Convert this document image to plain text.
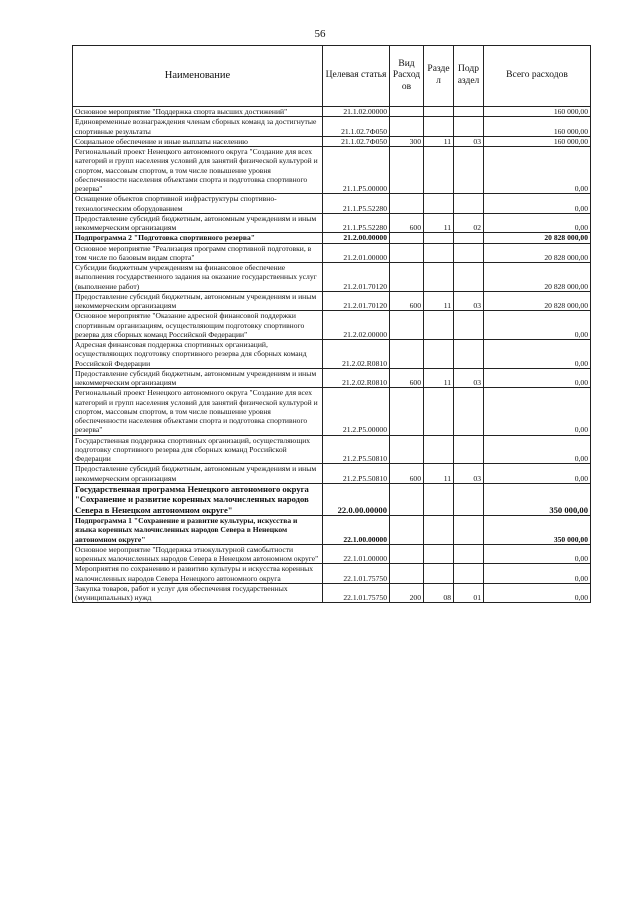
56
Наименование	Целевая статья	Вид Расход ов	Разде л	Подр аздел	Всего расходов
Основное мероприятие "Поддержка спорта высших достижений"	21.1.02.00000				160 000,00
Единовременные вознаграждения членам сборных команд за достигнутые спортивные результаты	21.1.02.7Ф050				160 000,00
Социальное обеспечение и иные выплаты населению	21.1.02.7Ф050	300	11	03	160 000,00
Региональный проект Ненецкого автономного округа "Создание для всех категорий и групп населения условий для занятий физической культурой и спортом, массовым спортом, в том числе повышение уровня обеспеченности населения объектами спорта и подготовка спортивного резерва"	21.1.P5.00000				0,00
Оснащение объектов спортивной инфраструктуры спортивно-технологическим оборудованием	21.1.P5.52280				0,00
Предоставление субсидий бюджетным, автономным учреждениям и иным некоммерческим организациям	21.1.P5.52280	600	11	02	0,00
Подпрограмма 2 "Подготовка спортивного резерва"	21.2.00.00000				20 828 000,00
Основное мероприятие "Реализация программ спортивной подготовки, в том числе по базовым видам спорта"	21.2.01.00000				20 828 000,00
Субсидии бюджетным учреждениям на финансовое обеспечение выполнения государственного задания на оказание государственных услуг (выполнение работ)	21.2.01.70120				20 828 000,00
Предоставление субсидий бюджетным, автономным учреждениям и иным некоммерческим организациям	21.2.01.70120	600	11	03	20 828 000,00
Основное мероприятие "Оказание адресной финансовой поддержки спортивным организациям, осуществляющим подготовку спортивного резерва для сборных команд Российской Федерации"	21.2.02.00000				0,00
Адресная финансовая поддержка спортивных организаций, осуществляющих подготовку спортивного резерва для сборных команд Российской Федерации	21.2.02.R0810				0,00
Предоставление субсидий бюджетным, автономным учреждениям и иным некоммерческим организациям	21.2.02.R0810	600	11	03	0,00
Региональный проект Ненецкого автономного округа "Создание для всех категорий и групп населения условий для занятий физической культурой и спортом, массовым спортом, в том числе повышение уровня обеспеченности населения объектами спорта и подготовка спортивного резерва"	21.2.P5.00000				0,00
Государственная поддержка спортивных организаций, осуществляющих подготовку спортивного резерва для сборных команд Российской Федерации	21.2.P5.50810				0,00
Предоставление субсидий бюджетным, автономным учреждениям и иным некоммерческим организациям	21.2.P5.50810	600	11	03	0,00
Государственная программа Ненецкого автономного округа "Сохранение и развитие коренных малочисленных народов Севера в Ненецком автономном округе"	22.0.00.00000				350 000,00
Подпрограмма 1 "Сохранение и развитие культуры, искусства и языка коренных малочисленных народов Севера в Ненецком автономном округе"	22.1.00.00000				350 000,00
Основное мероприятие "Поддержка этнокультурной самобытности коренных малочисленных народов Севера в Ненецком автономном округе"	22.1.01.00000				0,00
Мероприятия по сохранению и развитию культуры и искусства коренных малочисленных народов Севера Ненецкого автономного округа	22.1.01.75750				0,00
Закупка товаров, работ и услуг для обеспечения государственных (муниципальных) нужд	22.1.01.75750	200	08	01	0,00
